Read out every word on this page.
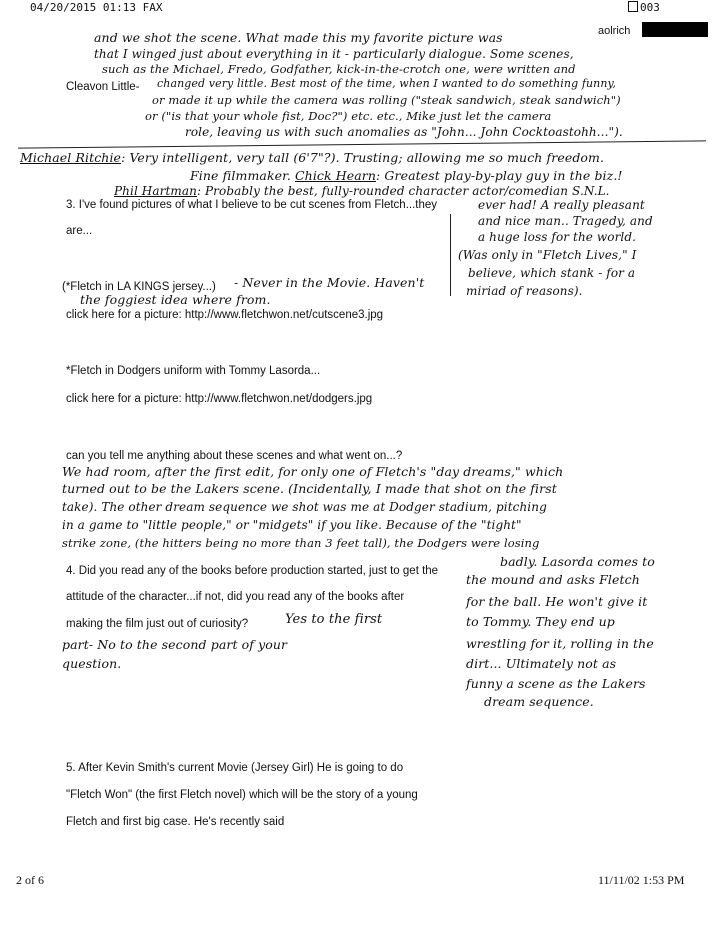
04/20/2015 01:13 FAX	003
aolrich
and we shot the scene. What made this my favorite picture was
that I winged just about everything in it - particularly dialogue. Some scenes,
such as the Michael, Fredo, Godfather, kick-in-the-crotch one, were written and
Cleavon Little- changed very little. Best most of the time, when I wanted to do something funny,
or made it up while the camera was rolling ("steak sandwich, steak sandwich")
or ("is that your whole fist, Doc?") etc. etc., Mike just let the camera
role, leaving us with such anomalies as "John... John Cocktoastohh...").
Michael Ritchie: Very intelligent, very tall (6'7"?). Trusting; allowing me so much freedom.
Fine filmmaker. Chick Hearn: Greatest play-by-play guy in the biz.!
Phil Hartman: Probably the best, fully-rounded character actor/comedian S.N.L.
3. I've found pictures of what I believe to be cut scenes from Fletch...they
are...
ever had! A really pleasant
and nice man.. Tragedy, and
a huge loss for the world.
(Was only in "Fletch Lives," I
believe, which stank - for a
miriad of reasons).
(*Fletch in LA KINGS jersey...) - Never in the Movie. Haven't
the foggiest idea where from.
click here for a picture: http://www.fletchwon.net/cutscene3.jpg
*Fletch in Dodgers uniform with Tommy Lasorda...
click here for a picture: http://www.fletchwon.net/dodgers.jpg
can you tell me anything about these scenes and what went on...?
We had room, after the first edit, for only one of Fletch's "day dreams," which
turned out to be the Lakers scene. (Incidentally, I made that shot on the first
take). The other dream sequence we shot was me at Dodger stadium, pitching
in a game to "little people," or "midgets" if you like. Because of the "tight"
strike zone, (the hitters being no more than 3 feet tall), the Dodgers were losing
4. Did you read any of the books before production started, just to get the
attitude of the character...if not, did you read any of the books after
making the film just out of curiosity?	Yes to the first
part- No to the second part of your
question.
badly. Lasorda comes to
the mound and asks Fletch
for the ball. He won't give it
to Tommy. They end up
wrestling for it, rolling in the
dirt... Ultimately not as
funny a scene as the Lakers
dream sequence.
5. After Kevin Smith's current Movie (Jersey Girl) He is going to do
"Fletch Won" (the first Fletch novel) which will be the story of a young
Fletch and first big case. He's recently said
2 of 6	11/11/02 1:53 PM
